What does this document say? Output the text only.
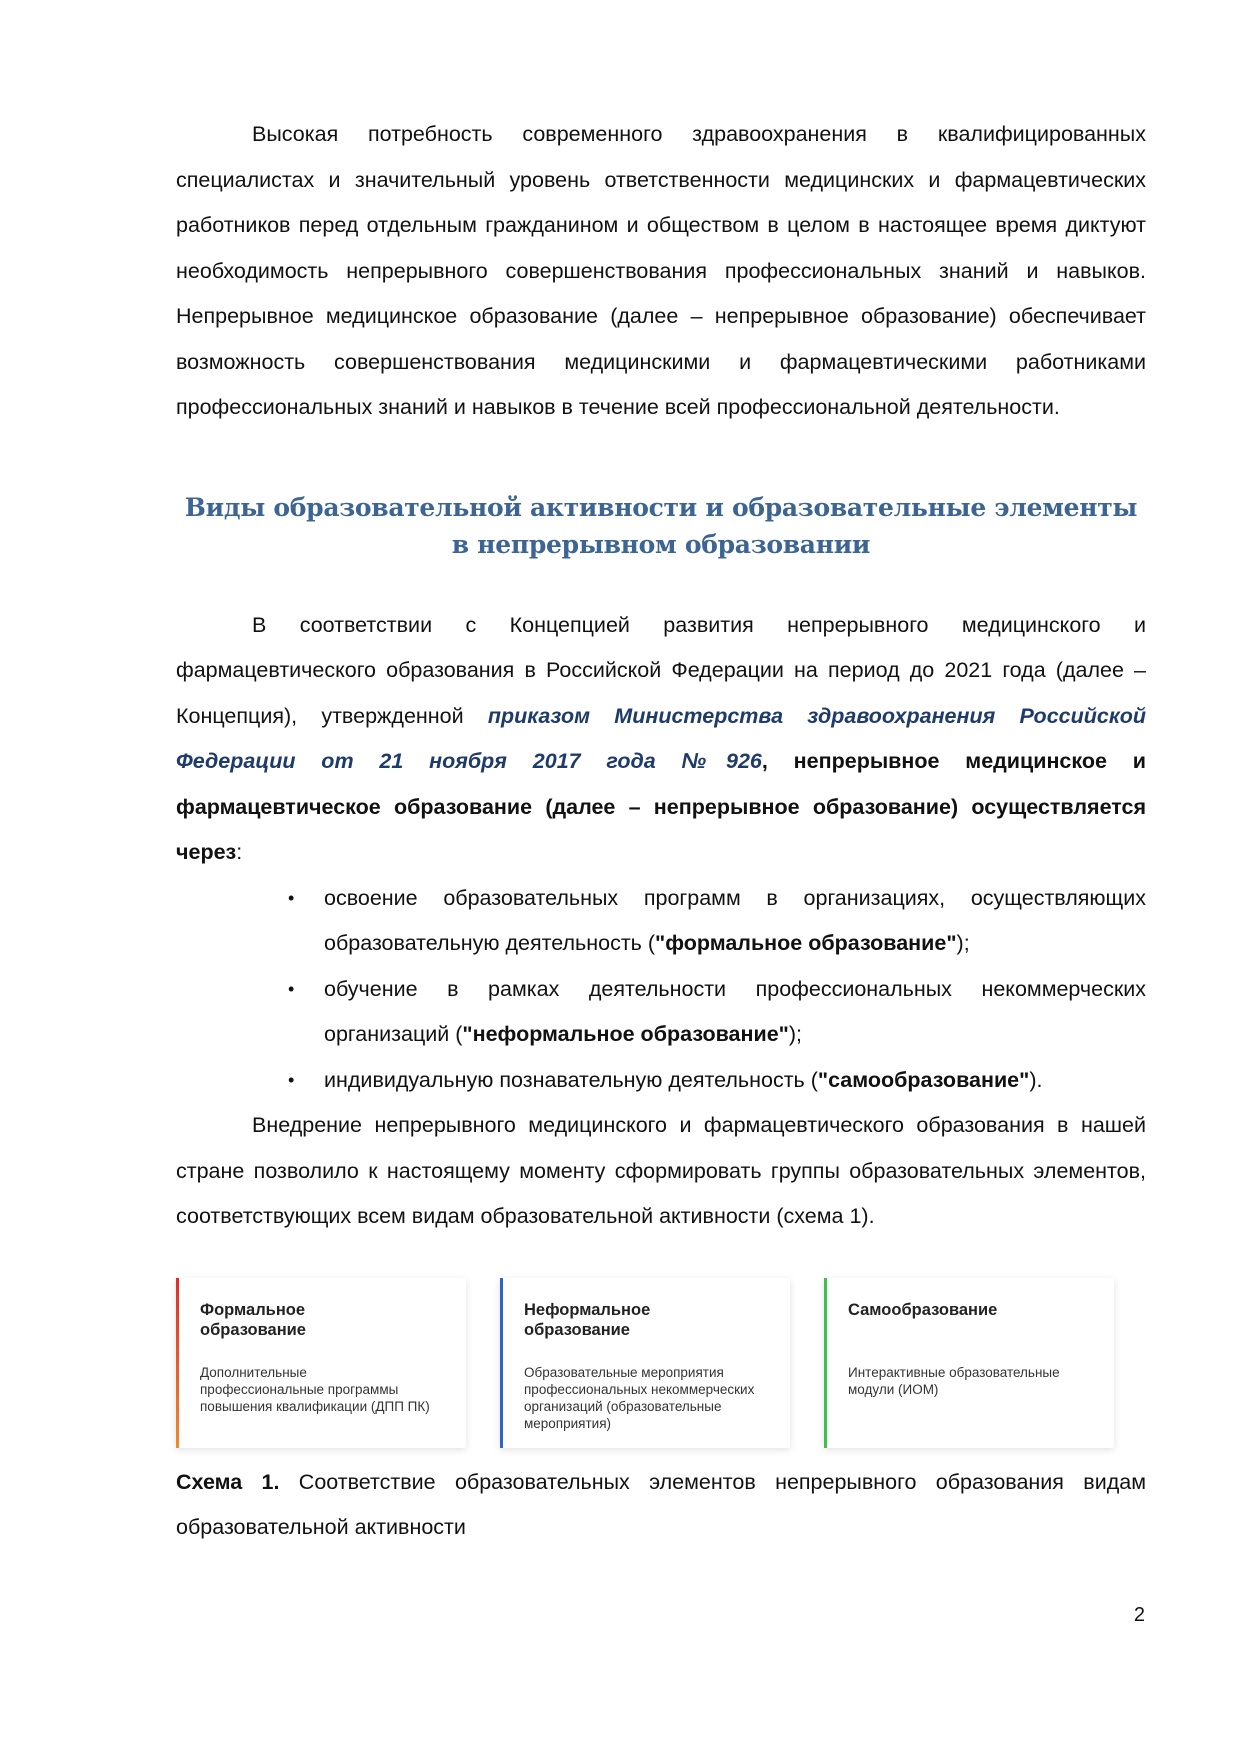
Высокая потребность современного здравоохранения в квалифицированных специалистах и значительный уровень ответственности медицинских и фармацевтических работников перед отдельным гражданином и обществом в целом в настоящее время диктуют необходимость непрерывного совершенствования профессиональных знаний и навыков. Непрерывное медицинское образование (далее – непрерывное образование) обеспечивает возможность совершенствования медицинскими и фармацевтическими работниками профессиональных знаний и навыков в течение всей профессиональной деятельности.

Виды образовательной активности и образовательные элементы в непрерывном образовании

В соответствии с Концепцией развития непрерывного медицинского и фармацевтического образования в Российской Федерации на период до 2021 года (далее – Концепция), утвержденной приказом Министерства здравоохранения Российской Федерации от 21 ноября 2017 года №926, непрерывное медицинское и фармацевтическое образование (далее – непрерывное образование) осуществляется через:

• освоение образовательных программ в организациях, осуществляющих образовательную деятельность ("формальное образование");
• обучение в рамках деятельности профессиональных некоммерческих организаций ("неформальное образование");
• индивидуальную познавательную деятельность ("самообразование").

Внедрение непрерывного медицинского и фармацевтического образования в нашей стране позволило к настоящему моменту сформировать группы образовательных элементов, соответствующих всем видам образовательной активности (схема 1).

Формальное образование
Дополнительные профессиональные программы повышения квалификации (ДПП ПК)
Неформальное образование
Образовательные мероприятия профессиональных некоммерческих организаций (образовательные мероприятия)
Самообразование
Интерактивные образовательные модули (ИОМ)

Схема 1. Соответствие образовательных элементов непрерывного образования видам образовательной активности

2
